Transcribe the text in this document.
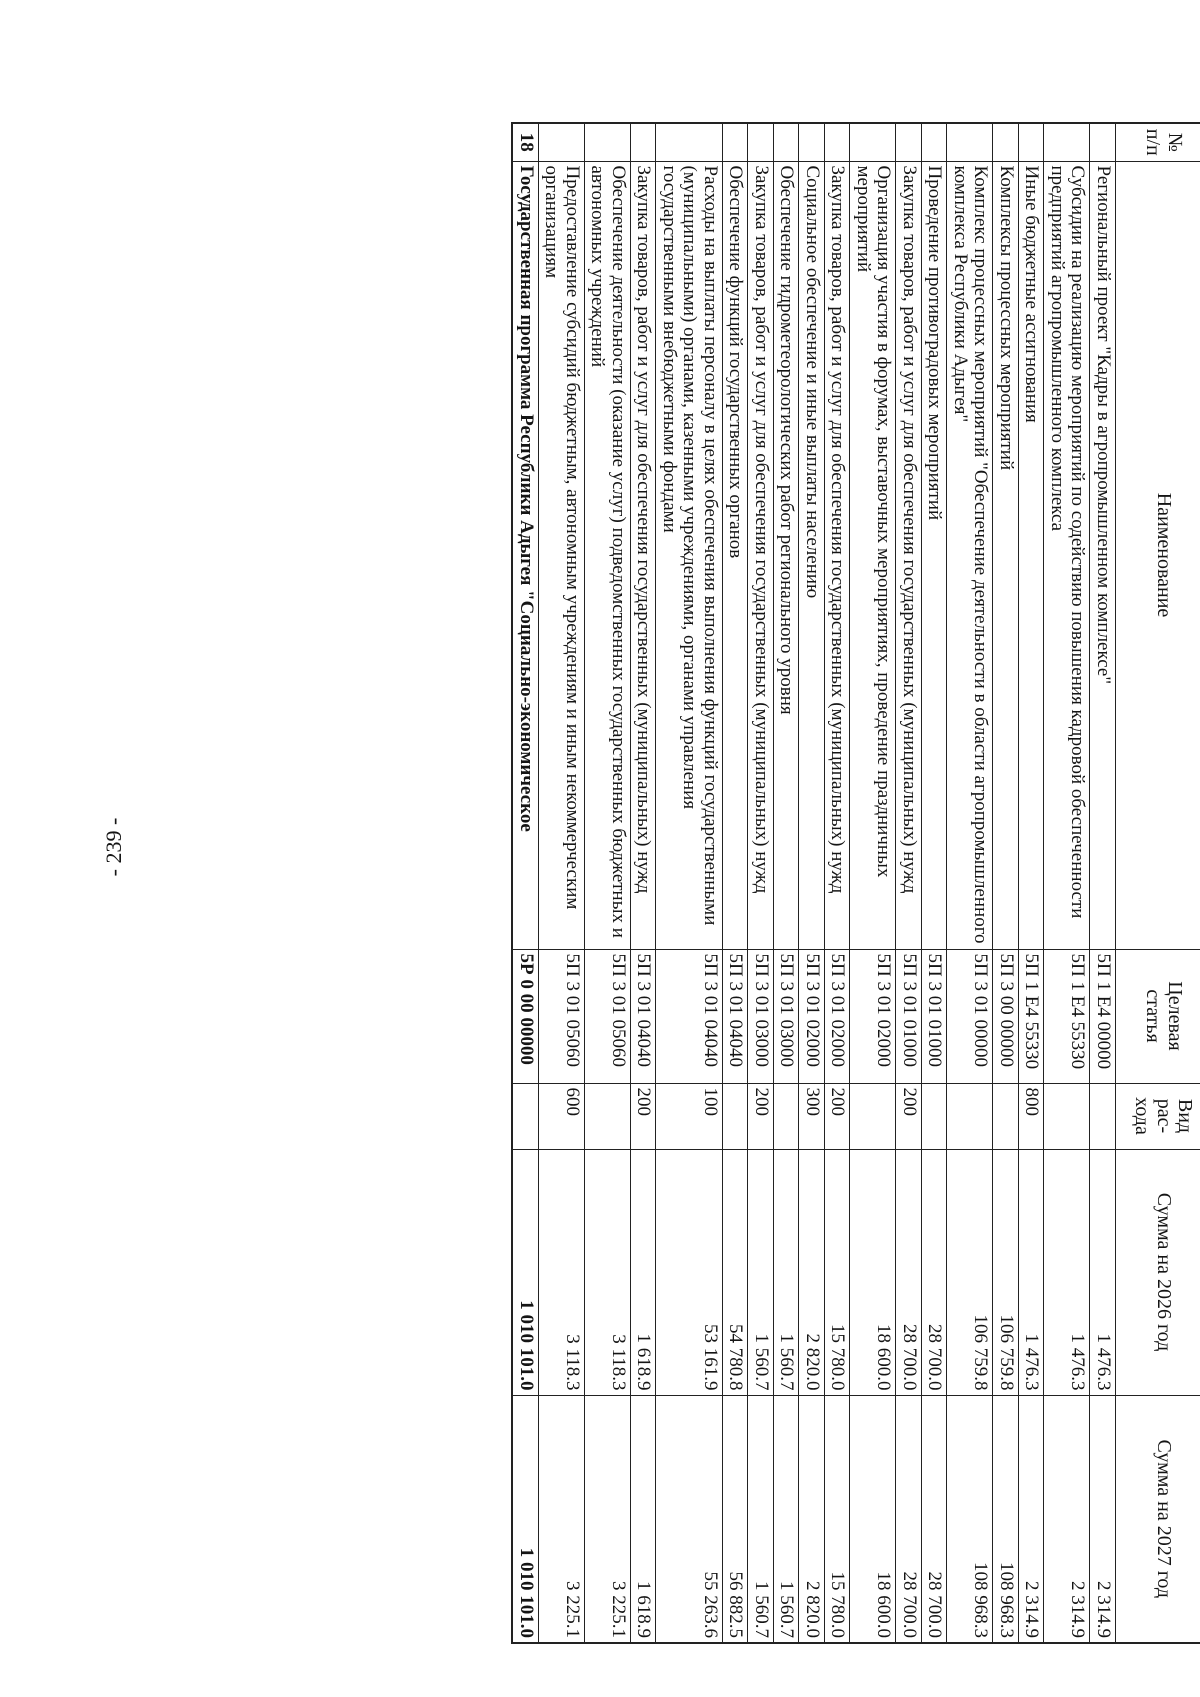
- 239 -
№ п/п	Наименование	Целевая статья	Вид рас-хода	Сумма на 2026 год	Сумма на 2027 год
	Региональный проект "Кадры в агропромышленном комплексе"	5П 1 Е4 00000		1 476.3	2 314.9
	Субсидии на реализацию мероприятий по содействию повышения кадровой обеспеченности предприятий агропромышленного комплекса	5П 1 Е4 55330		1 476.3	2 314.9
	Иные бюджетные ассигнования	5П 1 Е4 55330	800	1 476.3	2 314.9
	Комплексы процессных мероприятий	5П 3 00 00000		106 759.8	108 968.3
	Комплекс процессных мероприятий "Обеспечение деятельности в области агропромышленного комплекса Республики Адыгея"	5П 3 01 00000		106 759.8	108 968.3
	Проведение противоградовых мероприятий	5П 3 01 01000		28 700.0	28 700.0
	Закупка товаров, работ и услуг для обеспечения государственных (муниципальных) нужд	5П 3 01 01000	200	28 700.0	28 700.0
	Организация участия в форумах, выставочных мероприятиях, проведение праздничных мероприятий	5П 3 01 02000		18 600.0	18 600.0
	Закупка товаров, работ и услуг для обеспечения государственных (муниципальных) нужд	5П 3 01 02000	200	15 780.0	15 780.0
	Социальное обеспечение и иные выплаты населению	5П 3 01 02000	300	2 820.0	2 820.0
	Обеспечение гидрометеорологических работ регионального уровня	5П 3 01 03000		1 560.7	1 560.7
	Закупка товаров, работ и услуг для обеспечения государственных (муниципальных) нужд	5П 3 01 03000	200	1 560.7	1 560.7
	Обеспечение функций государственных органов	5П 3 01 04040		54 780.8	56 882.5
	Расходы на выплаты персоналу в целях обеспечения выполнения функций государственными (муниципальными) органами, казенными учреждениями, органами управления государственными внебюджетными фондами	5П 3 01 04040	100	53 161.9	55 263.6
	Закупка товаров, работ и услуг для обеспечения государственных (муниципальных) нужд	5П 3 01 04040	200	1 618.9	1 618.9
	Обеспечение деятельности (оказание услуг) подведомственных государственных бюджетных и автономных учреждений	5П 3 01 05060		3 118.3	3 225.1
	Предоставление субсидий бюджетным, автономным учреждениям и иным некоммерческим организациям	5П 3 01 05060	600	3 118.3	3 225.1
18	Государственная программа Республики Адыгея "Социально-экономическое	5Р 0 00 00000		1 010 101.0	1 010 101.0
